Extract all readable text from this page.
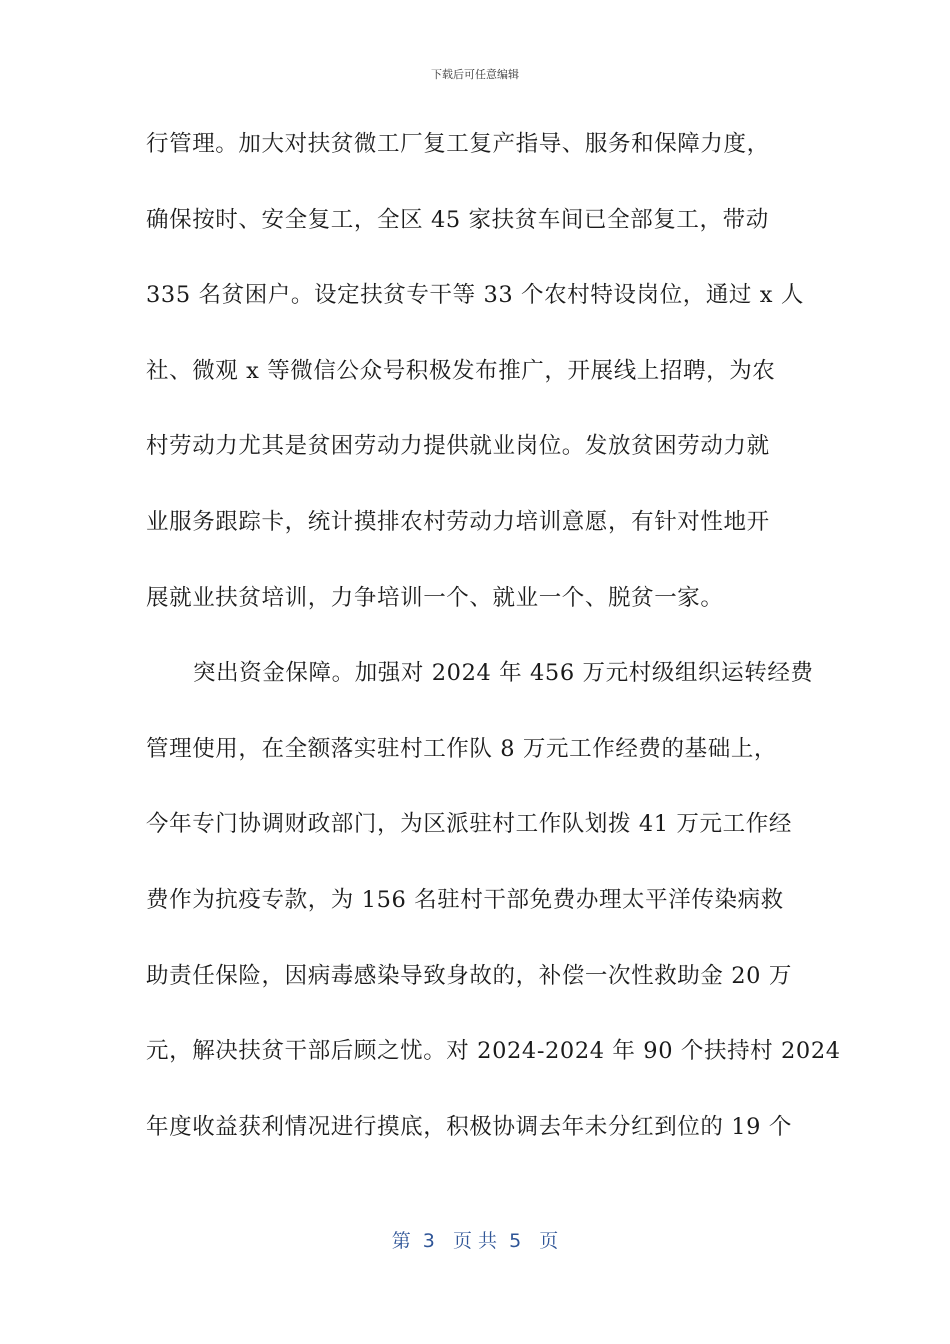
下载后可任意编辑
行管理。加大对扶贫微工厂复工复产指导、服务和保障力度，
确保按时、安全复工，全区 45 家扶贫车间已全部复工，带动
335 名贫困户。设定扶贫专干等 33 个农村特设岗位，通过 x 人
社、微观 x 等微信公众号积极发布推广，开展线上招聘，为农
村劳动力尤其是贫困劳动力提供就业岗位。发放贫困劳动力就
业服务跟踪卡，统计摸排农村劳动力培训意愿，有针对性地开
展就业扶贫培训，力争培训一个、就业一个、脱贫一家。
突出资金保障。加强对 2024 年 456 万元村级组织运转经费
管理使用，在全额落实驻村工作队 8 万元工作经费的基础上，
今年专门协调财政部门，为区派驻村工作队划拨 41 万元工作经
费作为抗疫专款，为 156 名驻村干部免费办理太平洋传染病救
助责任保险，因病毒感染导致身故的，补偿一次性救助金 20 万
元，解决扶贫干部后顾之忧。对 2024-2024 年 90 个扶持村 2024
年度收益获利情况进行摸底，积极协调去年未分红到位的 19 个
第  3   页 共  5   页
